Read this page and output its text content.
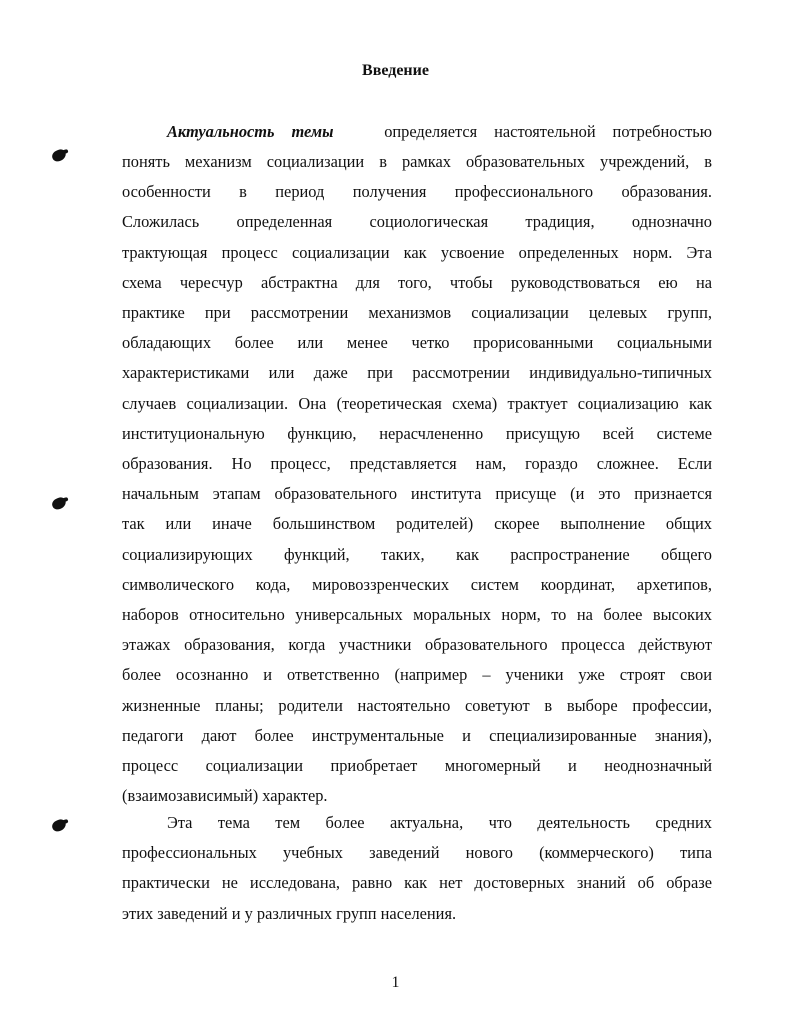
Введение
Актуальность темы	определяется настоятельной потребностью
понять механизм социализации в рамках образовательных учреждений, в
особенности в период получения профессионального образования.
Сложилась определенная социологическая традиция, однозначно
трактующая процесс социализации как усвоение определенных норм. Эта
схема чересчур абстрактна для того, чтобы руководствоваться ею на
практике при рассмотрении механизмов социализации целевых групп,
обладающих более или менее четко прорисованными социальными
характеристиками или даже при рассмотрении индивидуально-типичных
случаев социализации. Она (теоретическая схема) трактует социализацию как
институциональную функцию, нерасчлененно присущую всей системе
образования. Но процесс, представляется нам, гораздо сложнее. Если
начальным этапам образовательного института присуще (и это признается
так или иначе большинством родителей) скорее выполнение общих
социализирующих функций, таких, как распространение общего
символического кода, мировоззренческих систем координат, архетипов,
наборов относительно универсальных моральных норм, то на более высоких
этажах образования, когда участники образовательного процесса действуют
более осознанно и ответственно (например – ученики уже строят свои
жизненные планы; родители настоятельно советуют в выборе профессии,
педагоги дают более инструментальные и специализированные знания),
процесс социализации приобретает многомерный и неоднозначный
(взаимозависимый) характер.
Эта тема тем более актуальна, что деятельность средних
профессиональных учебных заведений нового (коммерческого) типа
практически не исследована, равно как нет достоверных знаний об образе
этих заведений и у различных групп населения.
1
